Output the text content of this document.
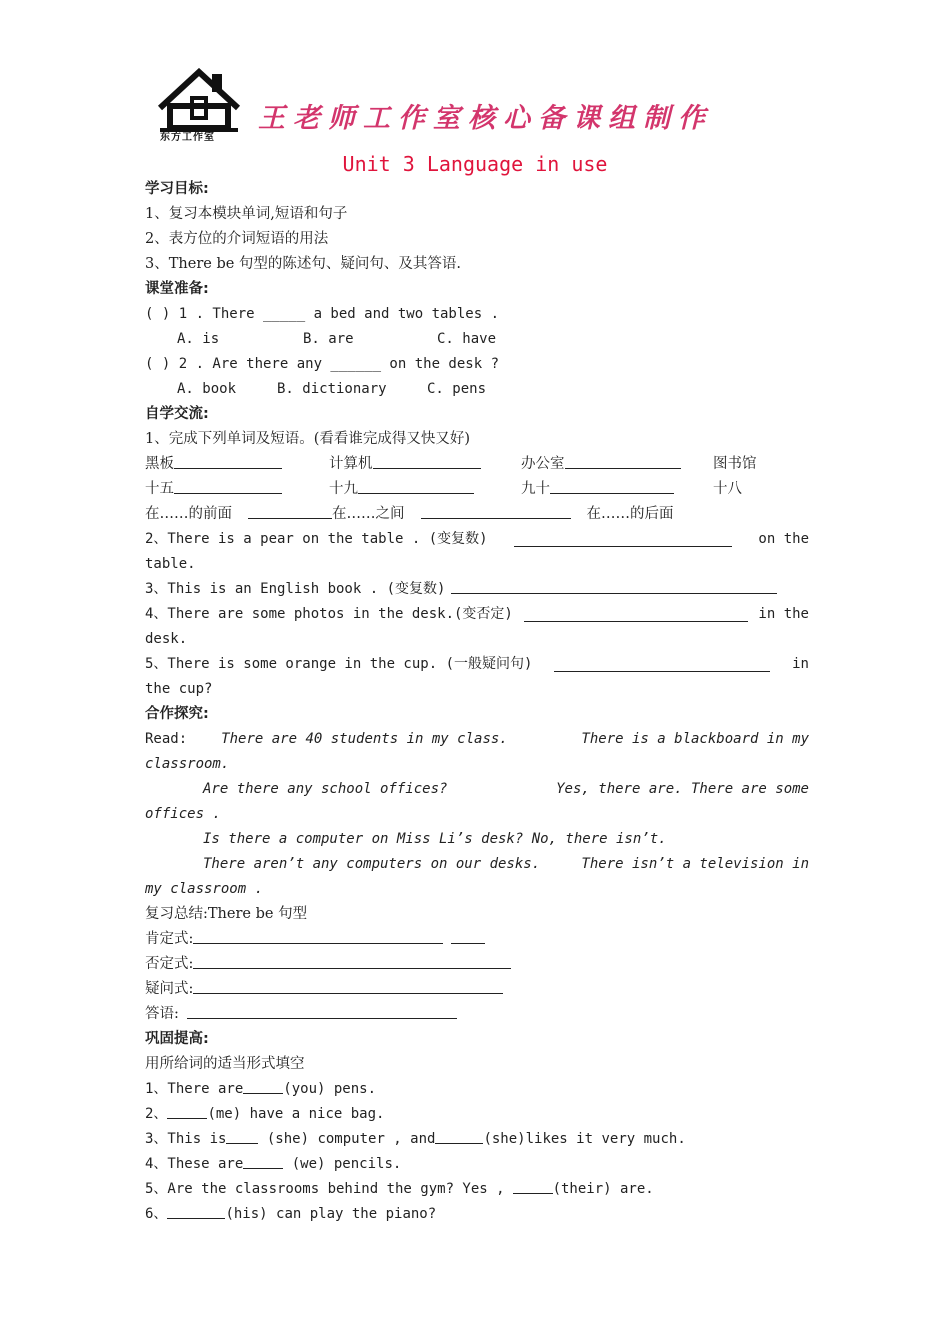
东方工作室
王老师工作室核心备课组制作
Unit 3 Language in use
学习目标:
1、复习本模块单词,短语和句子
2、表方位的介词短语的用法
3、There be 句型的陈述句、疑问句、及其答语.
课堂准备:
( ) 1 . There _____ a bed and two tables .
A. is	B. are	C. have
( ) 2 . Are there any ______ on the desk ?
A. book	B. dictionary	C. pens
自学交流:
1、完成下列单词及短语。(看看谁完成得又快又好)
黑板	计算机	办公室	图书馆
十五	十九	九十	十八
在……的前面	在……之间	在……的后面
2、There is a pear on the table . (变复数)	on the
table.
3、This is an English book . (变复数)
4、There are some photos in the desk.(变否定)	in the
desk.
5、There is some orange in the cup. (一般疑问句)	in
the cup?
合作探究:
Read: There are 40 students in my class.	There is a blackboard in my
classroom.
Are there any school offices?	Yes, there are. There are some
offices .
Is there a computer on Miss Li’s desk? No, there isn’t.
There aren’t any computers on our desks.	There isn’t a television in
my classroom .
复习总结:There be 句型
肯定式:
否定式:
疑问式:
答语:
巩固提高:
用所给词的适当形式填空
1、There are	(you) pens.
2、	(me) have a nice bag.
3、This is (she) computer , and	(she)likes it very much.
4、These are	(we) pencils.
5、Are the classrooms behind the gym? Yes ,	(their) are.
6、	(his) can play the piano?
